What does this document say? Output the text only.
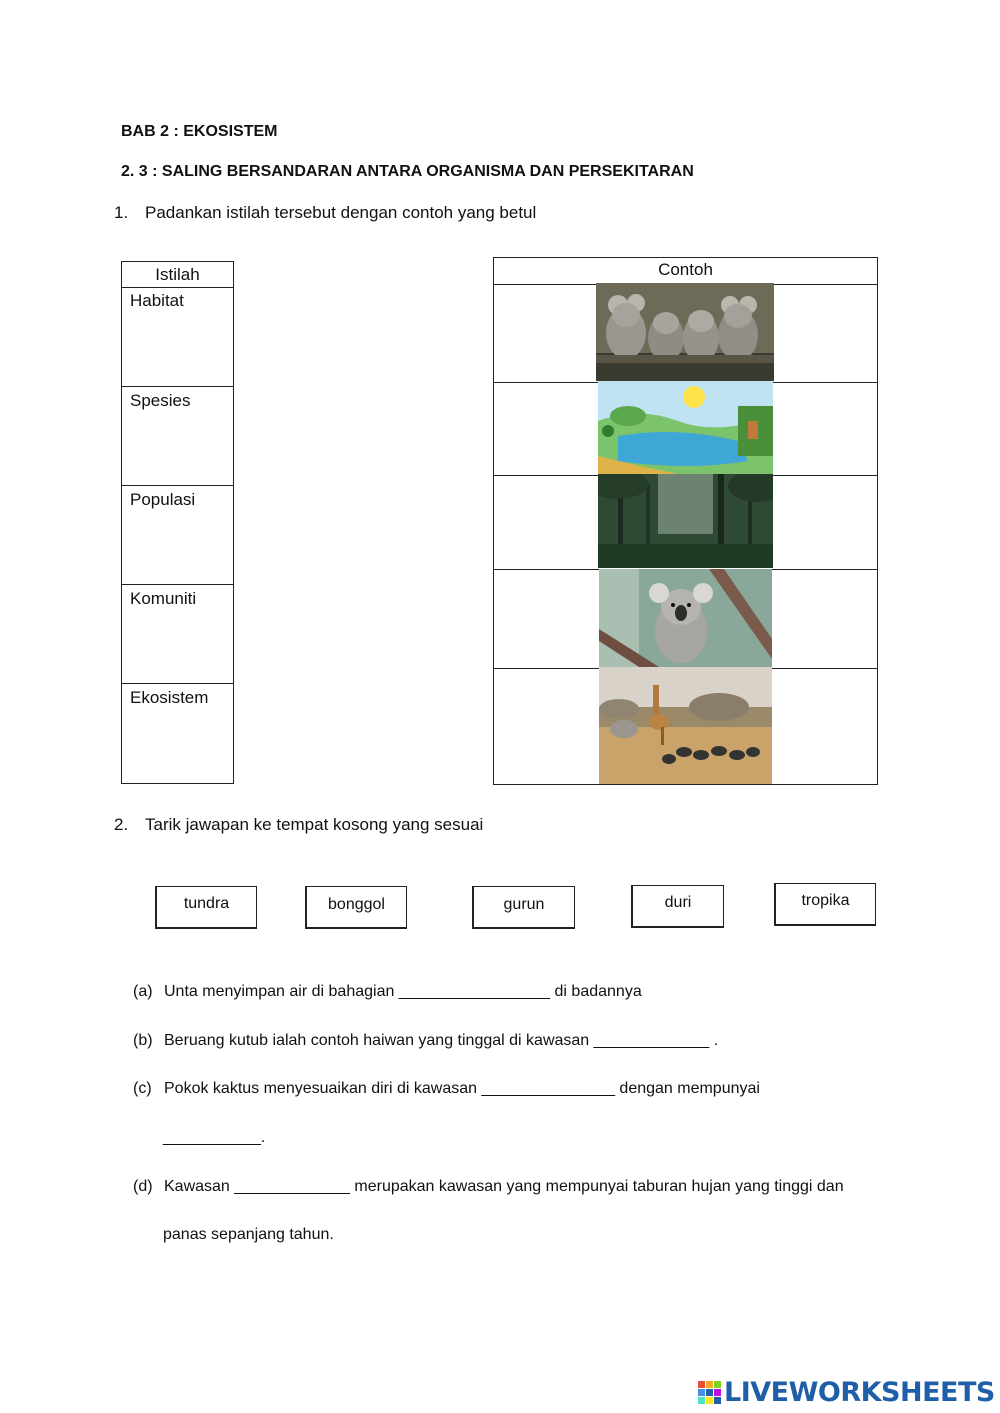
BAB 2 : EKOSISTEM
2. 3 : SALING BERSANDARAN ANTARA ORGANISMA DAN PERSEKITARAN
1. Padankan istilah tersebut dengan contoh yang betul
Istilah
Habitat
Spesies
Populasi
Komuniti
Ekosistem
Contoh
2. Tarik jawapan ke tempat kosong yang sesuai
tundra	bonggol	gurun	duri	tropika
(a) Unta menyimpan air di bahagian _________________ di badannya
(b) Beruang kutub ialah contoh haiwan yang tinggal di kawasan _____________ .
(c) Pokok kaktus menyesuaikan diri di kawasan _______________ dengan mempunyai
___________.
(d) Kawasan _____________ merupakan kawasan yang mempunyai taburan hujan yang tinggi dan
panas sepanjang tahun.
LIVEWORKSHEETS
